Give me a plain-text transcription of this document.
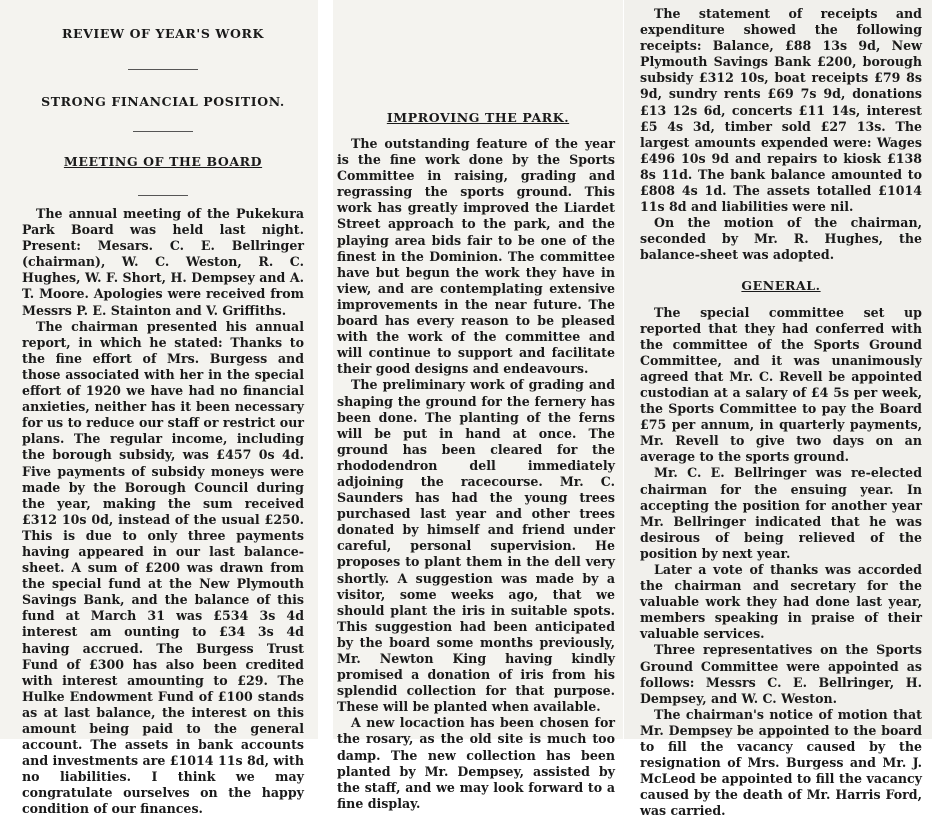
REVIEW OF YEAR'S WORK

STRONG FINANCIAL POSITION.

MEETING OF THE BOARD

The annual meeting of the Pukekura Park Board was held last night. Present: Mesars. C. E. Bellringer (chairman), W. C. Weston, R. C. Hughes, W. F. Short, H. Dempsey and A. T. Moore. Apologies were received from Messrs P. E. Stainton and V. Griffiths.

The chairman presented his annual report, in which he stated: Thanks to the fine effort of Mrs. Burgess and those associated with her in the special effort of 1920 we have had no financial anxieties, neither has it been necessary for us to reduce our staff or restrict our plans. The regular income, including the borough subsidy, was £457 0s 4d. Five payments of subsidy moneys were made by the Borough Council during the year, making the sum received £312 10s 0d, instead of the usual £250. This is due to only three payments having appeared in our last balance-sheet. A sum of £200 was drawn from the special fund at the New Plymouth Savings Bank, and the balance of this fund at March 31 was £534 3s 4d interest am ounting to £34 3s 4d having accrued. The Burgess Trust Fund of £300 has also been credited with interest amounting to £29. The Hulke Endowment Fund of £100 stands as at last balance, the interest on this amount being paid to the general account. The assets in bank accounts and investments are £1014 11s 8d, with no liabilities. I think we may congratulate ourselves on the happy condition of our finances.

IMPROVING THE PARK.

The outstanding feature of the year is the fine work done by the Sports Committee in raising, grading and regrassing the sports ground. This work has greatly improved the Liardet Street approach to the park, and the playing area bids fair to be one of the finest in the Dominion. The committee have but begun the work they have in view, and are contemplating extensive improvements in the near future. The board has every reason to be pleased with the work of the committee and will continue to support and facilitate their good designs and endeavours.

The preliminary work of grading and shaping the ground for the fernery has been done. The planting of the ferns will be put in hand at once. The ground has been cleared for the rhododendron dell immediately adjoining the racecourse. Mr. C. Saunders has had the young trees purchased last year and other trees donated by himself and friend under careful, personal supervision. He proposes to plant them in the dell very shortly. A suggestion was made by a visitor, some weeks ago, that we should plant the iris in suitable spots. This suggestion had been anticipated by the board some months previously, Mr. Newton King having kindly promised a donation of iris from his splendid collection for that purpose. These will be planted when available.

A new locaction has been chosen for the rosary, as the old site is much too damp. The new collection has been planted by Mr. Dempsey, assisted by the staff, and we may look forward to a fine display.

The statement of receipts and expenditure showed the following receipts: Balance, £88 13s 9d, New Plymouth Savings Bank £200, borough subsidy £312 10s, boat receipts £79 8s 9d, sundry rents £69 7s 9d, donations £13 12s 6d, concerts £11 14s, interest £5 4s 3d, timber sold £27 13s. The largest amounts expended were: Wages £496 10s 9d and repairs to kiosk £138 8s 11d. The bank balance amounted to £808 4s 1d. The assets totalled £1014 11s 8d and liabilities were nil.

On the motion of the chairman, seconded by Mr. R. Hughes, the balance-sheet was adopted.

GENERAL.

The special committee set up reported that they had conferred with the committee of the Sports Ground Committee, and it was unanimously agreed that Mr. C. Revell be appointed custodian at a salary of £4 5s per week, the Sports Committee to pay the Board £75 per annum, in quarterly payments, Mr. Revell to give two days on an average to the sports ground.

Mr. C. E. Bellringer was re-elected chairman for the ensuing year. In accepting the position for another year Mr. Bellringer indicated that he was desirous of being relieved of the position by next year.

Later a vote of thanks was accorded the chairman and secretary for the valuable work they had done last year, members speaking in praise of their valuable services.

Three representatives on the Sports Ground Committee were appointed as follows: Messrs C. E. Bellringer, H. Dempsey, and W. C. Weston.

The chairman's notice of motion that Mr. Dempsey be appointed to the board to fill the vacancy caused by the resignation of Mrs. Burgess and Mr. J. McLeod be appointed to fill the vacancy caused by the death of Mr. Harris Ford, was carried.
